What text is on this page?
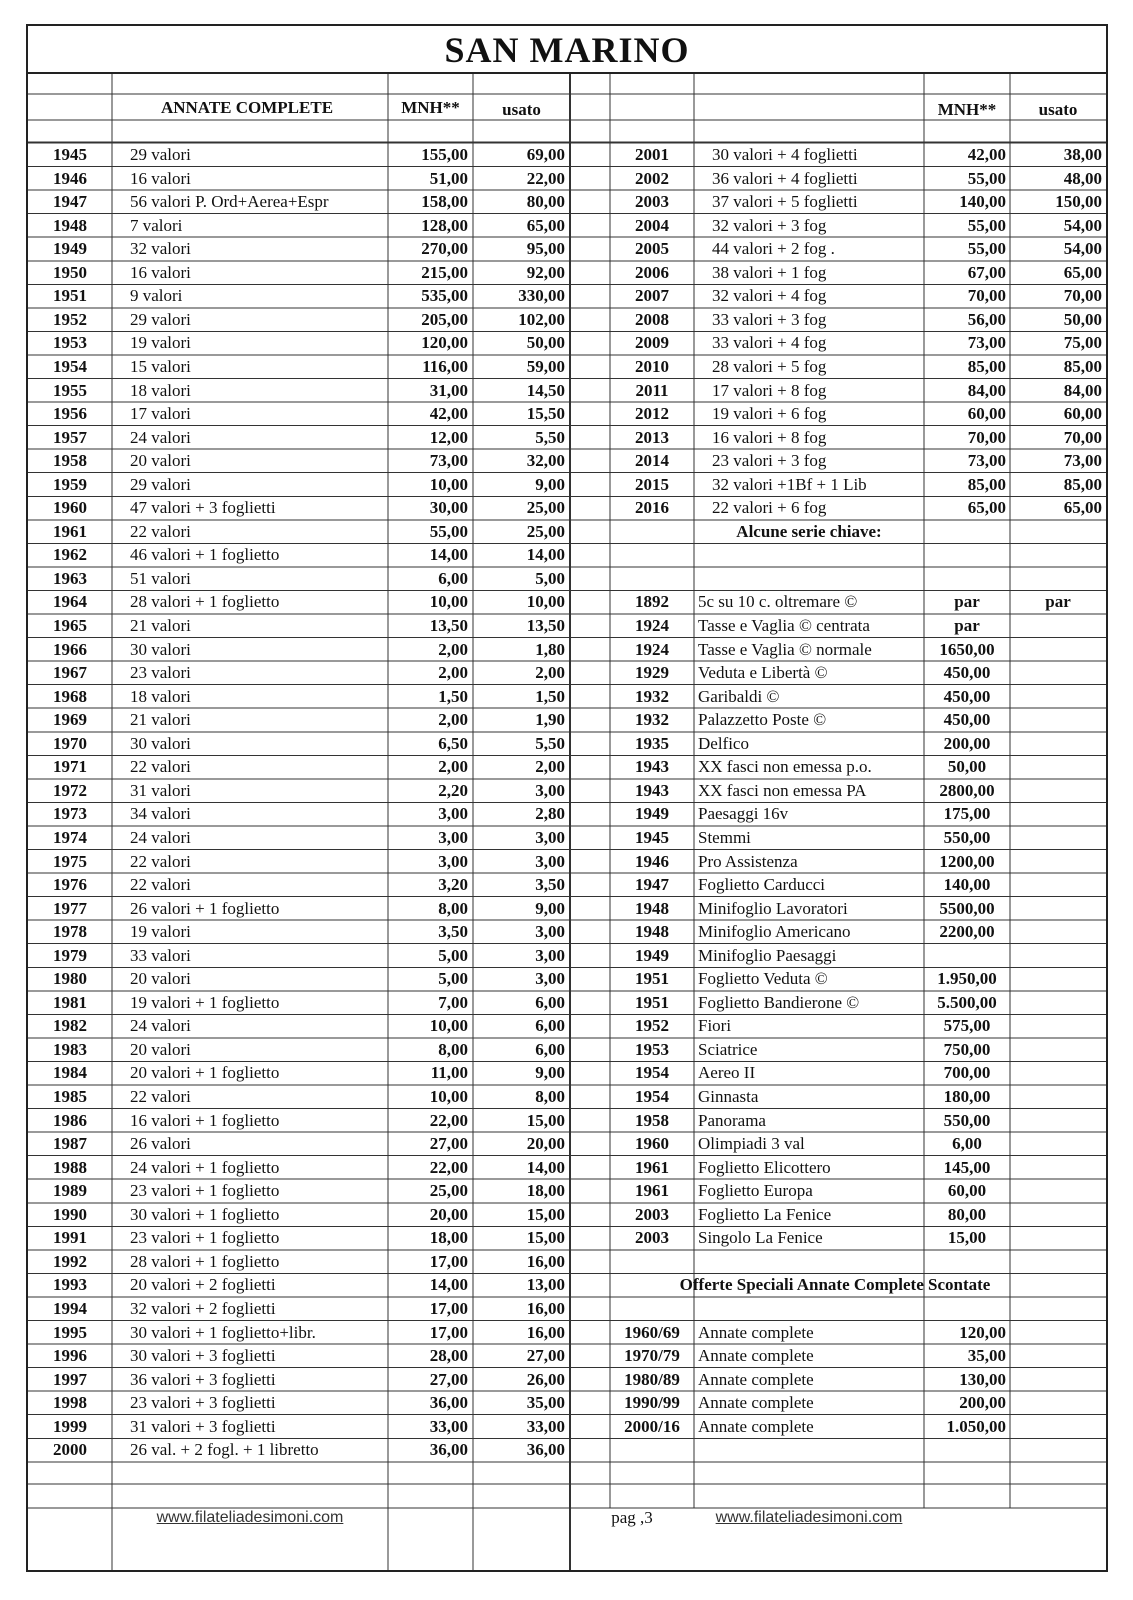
SAN MARINO
ANNATE COMPLETE	MNH**	usato	MNH**	usato
1945	29 valori	155,00	69,00
1946	16 valori	51,00	22,00
1947	56 valori P. Ord+Aerea+Espr	158,00	80,00
1948	7 valori	128,00	65,00
1949	32 valori	270,00	95,00
1950	16 valori	215,00	92,00
1951	9 valori	535,00	330,00
1952	29 valori	205,00	102,00
1953	19 valori	120,00	50,00
1954	15 valori	116,00	59,00
1955	18 valori	31,00	14,50
1956	17 valori	42,00	15,50
1957	24 valori	12,00	5,50
1958	20 valori	73,00	32,00
1959	29 valori	10,00	9,00
1960	47 valori + 3 foglietti	30,00	25,00
1961	22 valori	55,00	25,00
1962	46 valori + 1 foglietto	14,00	14,00
1963	51 valori	6,00	5,00
1964	28 valori + 1 foglietto	10,00	10,00
1965	21 valori	13,50	13,50
1966	30 valori	2,00	1,80
1967	23 valori	2,00	2,00
1968	18 valori	1,50	1,50
1969	21 valori	2,00	1,90
1970	30 valori	6,50	5,50
1971	22 valori	2,00	2,00
1972	31 valori	2,20	3,00
1973	34 valori	3,00	2,80
1974	24 valori	3,00	3,00
1975	22 valori	3,00	3,00
1976	22 valori	3,20	3,50
1977	26 valori + 1 foglietto	8,00	9,00
1978	19 valori	3,50	3,00
1979	33 valori	5,00	3,00
1980	20 valori	5,00	3,00
1981	19 valori + 1 foglietto	7,00	6,00
1982	24 valori	10,00	6,00
1983	20 valori	8,00	6,00
1984	20 valori + 1 foglietto	11,00	9,00
1985	22 valori	10,00	8,00
1986	16 valori + 1 foglietto	22,00	15,00
1987	26 valori	27,00	20,00
1988	24 valori + 1 foglietto	22,00	14,00
1989	23 valori + 1 foglietto	25,00	18,00
1990	30 valori + 1 foglietto	20,00	15,00
1991	23 valori + 1 foglietto	18,00	15,00
1992	28 valori + 1 foglietto	17,00	16,00
1993	20 valori + 2 foglietti	14,00	13,00
1994	32 valori + 2 foglietti	17,00	16,00
1995	30 valori + 1 foglietto+libr.	17,00	16,00
1996	30 valori + 3 foglietti	28,00	27,00
1997	36 valori + 3 foglietti	27,00	26,00
1998	23 valori + 3 foglietti	36,00	35,00
1999	31 valori + 3 foglietti	33,00	33,00
2000	26 val. + 2 fogl. + 1 libretto	36,00	36,00
2001	30 valori + 4 foglietti	42,00	38,00
2002	36 valori + 4 foglietti	55,00	48,00
2003	37 valori + 5 foglietti	140,00	150,00
2004	32 valori + 3 fog	55,00	54,00
2005	44 valori + 2 fog .	55,00	54,00
2006	38 valori + 1 fog	67,00	65,00
2007	32 valori + 4 fog	70,00	70,00
2008	33 valori + 3 fog	56,00	50,00
2009	33 valori + 4 fog	73,00	75,00
2010	28 valori + 5 fog	85,00	85,00
2011	17 valori + 8 fog	84,00	84,00
2012	19 valori + 6 fog	60,00	60,00
2013	16 valori + 8 fog	70,00	70,00
2014	23 valori + 3 fog	73,00	73,00
2015	32 valori +1Bf + 1 Lib	85,00	85,00
2016	22 valori + 6 fog	65,00	65,00
Alcune serie chiave:
1892	5c su 10 c. oltremare ©	par	par
1924	Tasse e Vaglia © centrata	par
1924	Tasse e Vaglia © normale	1650,00
1929	Veduta e Libertà ©	450,00
1932	Garibaldi ©	450,00
1932	Palazzetto Poste ©	450,00
1935	Delfico	200,00
1943	XX fasci non emessa p.o.	50,00
1943	XX fasci non emessa PA	2800,00
1949	Paesaggi 16v	175,00
1945	Stemmi	550,00
1946	Pro Assistenza	1200,00
1947	Foglietto Carducci	140,00
1948	Minifoglio Lavoratori	5500,00
1948	Minifoglio Americano	2200,00
1949	Minifoglio Paesaggi
1951	Foglietto Veduta ©	1.950,00
1951	Foglietto Bandierone ©	5.500,00
1952	Fiori	575,00
1953	Sciatrice	750,00
1954	Aereo II	700,00
1954	Ginnasta	180,00
1958	Panorama	550,00
1960	Olimpiadi 3 val	6,00
1961	Foglietto Elicottero	145,00
1961	Foglietto Europa	60,00
2003	Foglietto La Fenice	80,00
2003	Singolo La Fenice	15,00
Offerte Speciali Annate Complete Scontate
1960/69	Annate complete	120,00
1970/79	Annate complete	35,00
1980/89	Annate complete	130,00
1990/99	Annate complete	200,00
2000/16	Annate complete	1.050,00
www.filateliadesimoni.com	pag ,3	www.filateliadesimoni.com
